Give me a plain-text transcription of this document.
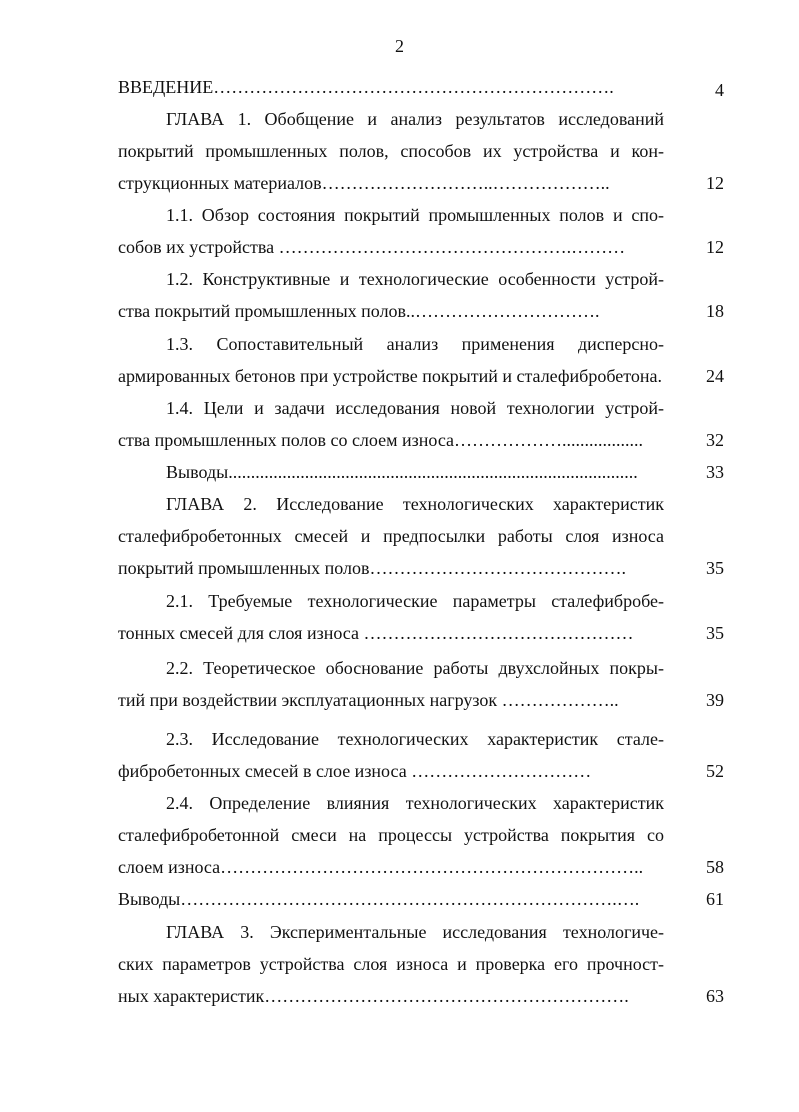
2
ВВЕДЕНИЕ………………………………………………………….	4
ГЛАВА 1. Обобщение и анализ результатов исследований
покрытий промышленных полов, способов их устройства и кон-
струкционных материалов………………………..………………..	12
1.1. Обзор состояния покрытий промышленных полов и спо-
собов их устройства ………………………………………….………	12
1.2. Конструктивные и технологические особенности устрой-
ства покрытий промышленных полов..………………………….	18
1.3. Сопоставительный анализ применения дисперсно-
армированных бетонов при устройстве покрытий и сталефибробетона.	24
1.4. Цели и задачи исследования новой технологии устрой-
ства промышленных полов со слоем износа………………..................	32
Выводы...........................................................................................	33
ГЛАВА 2. Исследование технологических характеристик
сталефибробетонных смесей и предпосылки работы слоя износа
покрытий промышленных полов…………………………………….	35
2.1. Требуемые технологические параметры сталефибробе-
тонных смесей для слоя износа ………………………………………	35
2.2. Теоретическое обоснование работы двухслойных покры-
тий при воздействии эксплуатационных нагрузок ………………..	39
2.3. Исследование технологических характеристик стале-
фибробетонных смесей в слое износа …………………………	52
2.4. Определение влияния технологических характеристик
сталефибробетонной смеси на процессы устройства покрытия со
слоем износа……………………………………………………………..	58
Выводы……………………………………………………………….….	61
ГЛАВА 3. Экспериментальные исследования технологиче-
ских параметров устройства слоя износа и проверка его прочност-
ных характеристик…………………………………………………….	63
